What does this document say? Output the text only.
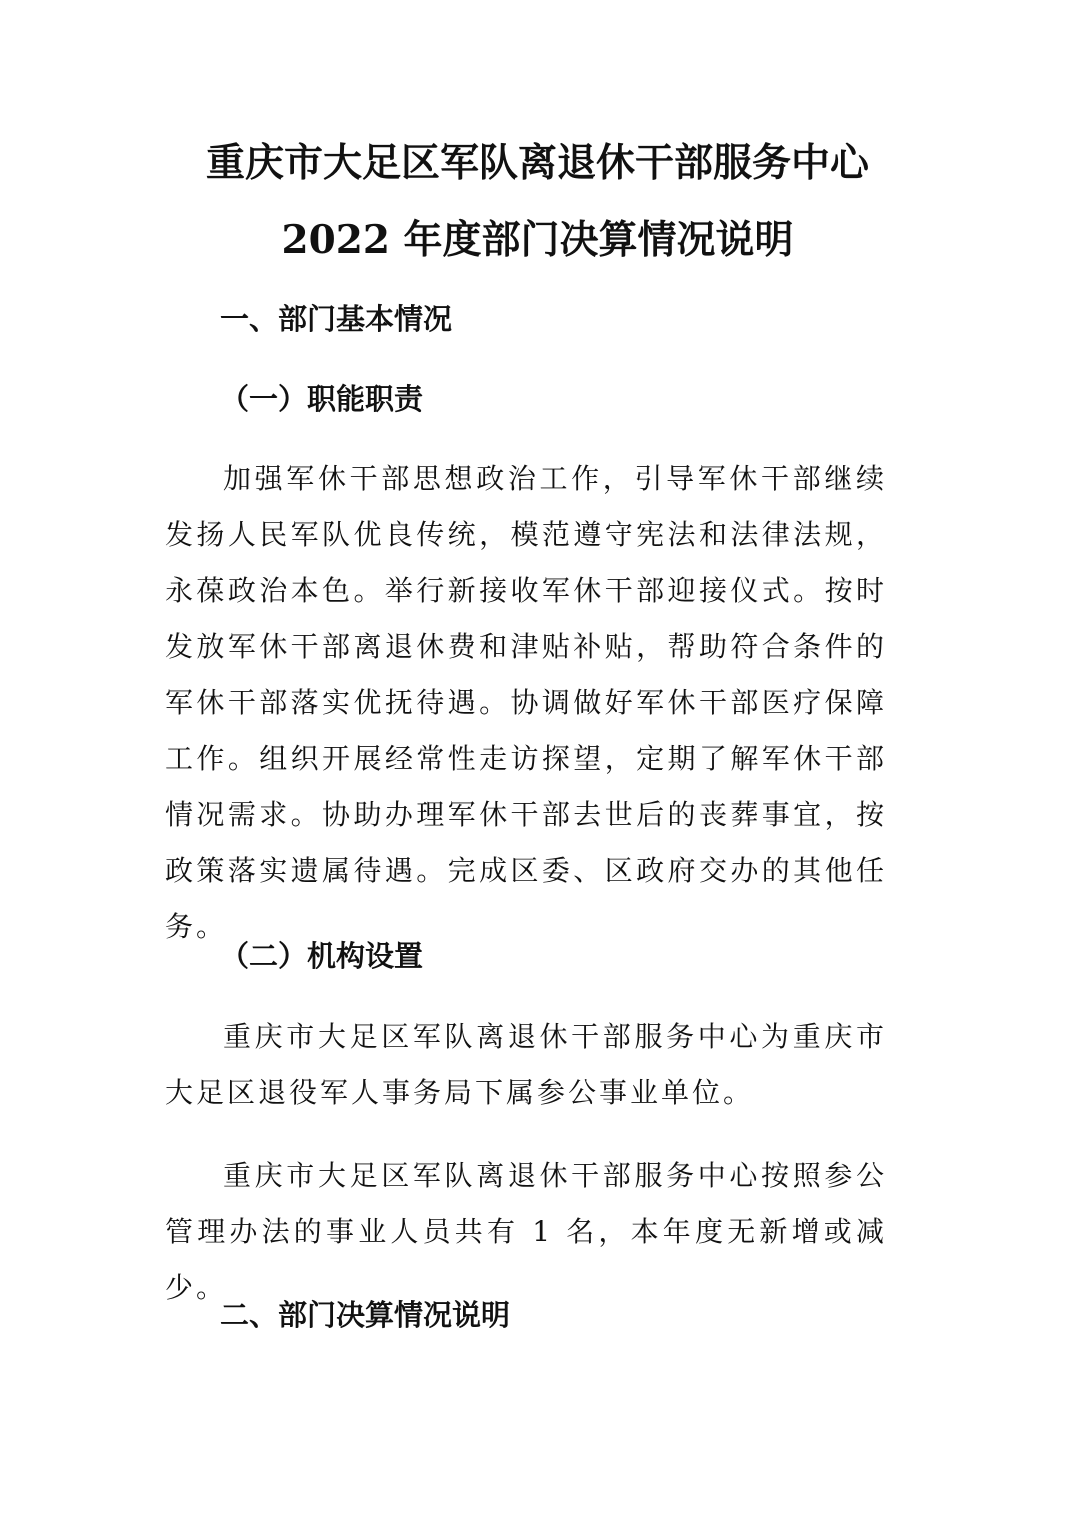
重庆市大足区军队离退休干部服务中心
2022 年度部门决算情况说明
一、部门基本情况
（一）职能职责
加强军休干部思想政治工作，引导军休干部继续发扬人民军队优良传统，模范遵守宪法和法律法规，永葆政治本色。举行新接收军休干部迎接仪式。按时发放军休干部离退休费和津贴补贴，帮助符合条件的军休干部落实优抚待遇。协调做好军休干部医疗保障工作。组织开展经常性走访探望，定期了解军休干部情况需求。协助办理军休干部去世后的丧葬事宜，按政策落实遗属待遇。完成区委、区政府交办的其他任务。
（二）机构设置
重庆市大足区军队离退休干部服务中心为重庆市大足区退役军人事务局下属参公事业单位。
重庆市大足区军队离退休干部服务中心按照参公管理办法的事业人员共有 1 名，本年度无新增或减少。
二、部门决算情况说明
